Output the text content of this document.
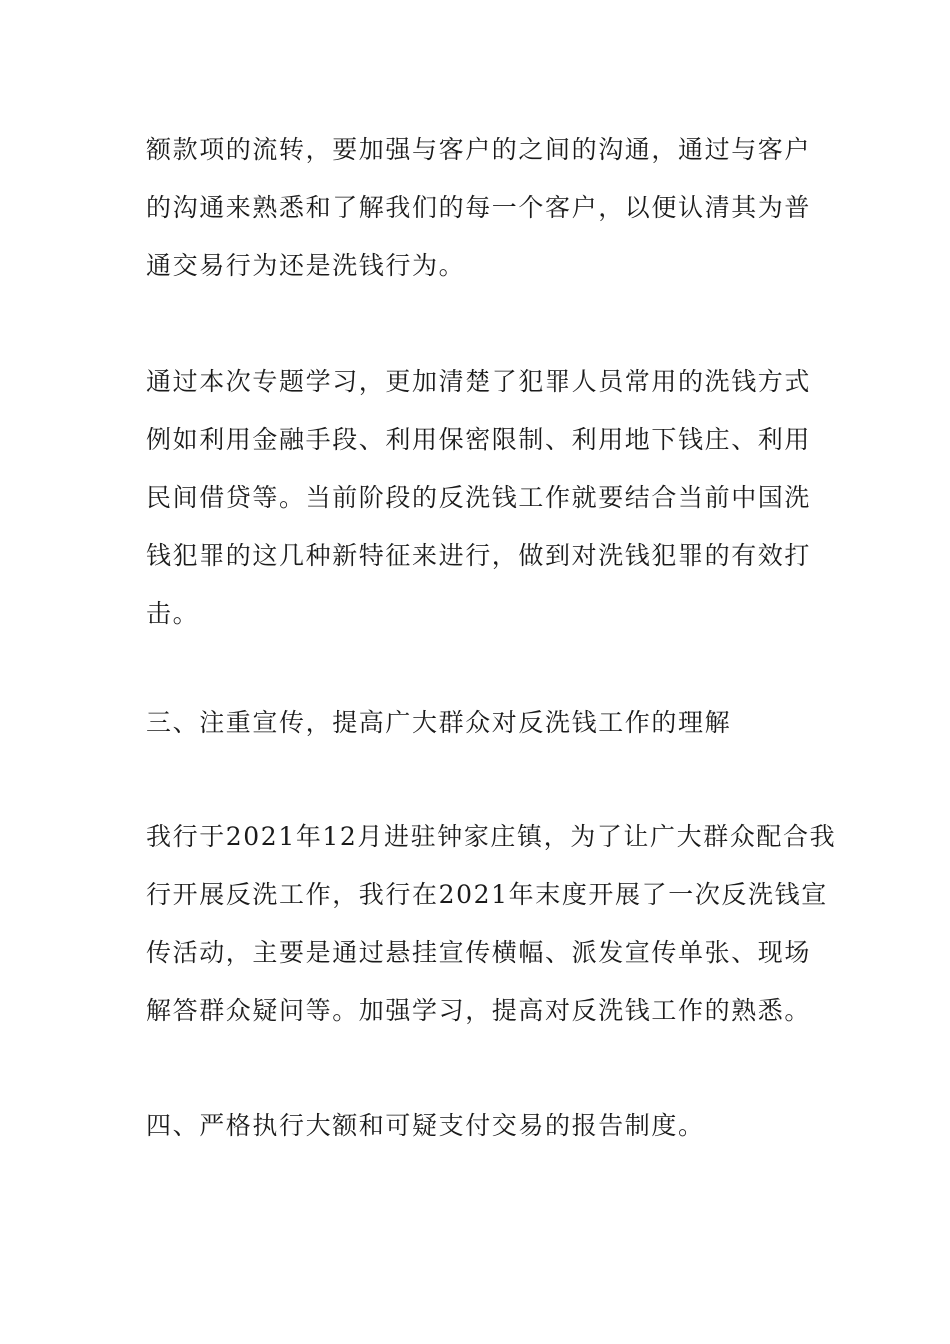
额款项的流转，要加强与客户的之间的沟通，通过与客户
的沟通来熟悉和了解我们的每一个客户，以便认清其为普
通交易行为还是洗钱行为。
通过本次专题学习，更加清楚了犯罪人员常用的洗钱方式
例如利用金融手段、利用保密限制、利用地下钱庄、利用
民间借贷等。当前阶段的反洗钱工作就要结合当前中国洗
钱犯罪的这几种新特征来进行，做到对洗钱犯罪的有效打
击。
三、注重宣传，提高广大群众对反洗钱工作的理解
我行于2021年12月进驻钟家庄镇，为了让广大群众配合我
行开展反洗工作，我行在2021年末度开展了一次反洗钱宣
传活动，主要是通过悬挂宣传横幅、派发宣传单张、现场
解答群众疑问等。加强学习，提高对反洗钱工作的熟悉。
四、严格执行大额和可疑支付交易的报告制度。
